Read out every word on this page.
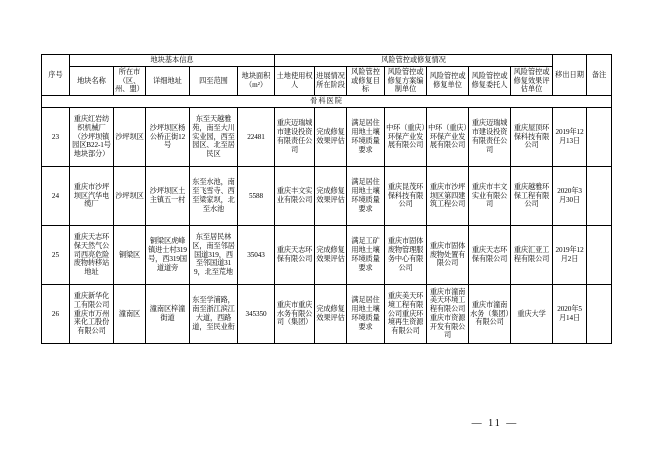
序号	地块基本信息					风险管控或修复情况							移出日期	备注
	地块名称	所在市（区、州、盟）	详细地址	四至范围	地块面积（m²）	土地使用权人	进展情况所在阶段	风险管控或修复目标	风险管控或修复方案编制单位	风险管控或修复单位	风险管控或修复委托人	风险管控或修复效果评估单位		
骨科医院														
23	重庆红岩纺织机械厂（沙坪坝镇园区B22-1号地块部分）	沙坪坝区	沙坪坝区杨公桥正街12号	东至天越雅苑，南至大川实业园，西至园区、北至居民区	22481	重庆迈瑞城市建设投资有限责任公司	完成修复效果评估	满足居住用地土壤环境质量要求	中环（重庆）环保产业发展有限公司	中环（重庆）环保产业发展有限公司	重庆迈瑞城市建设投资有限责任公司	重庆屋顶环保科技有限公司	2019年12月13日	
24	重庆市沙坪坝区汽华电缆厂	沙坪坝区	沙坪坝区土主镇五一村	东至水池，南至飞雪寺、西至梁家坝，北至水池	5588	重庆丰文实业有限公司	完成修复效果评估	满足居住用地土壤环境质量要求	重庆昆茂环保科技有限公司	重庆市沙坪坝区第四建筑工程公司	重庆市丰文实业有限公司	重庆越雅环保工程有限公司	2020年3月30日	
25	重庆天志环保天然气公司西亮危险废物转移站地址	铜梁区	铜梁区虎峰镇进士村319号，西319国道道旁	东至居民林区，南至邻居国道319，西至邻国道319，北至荒地	35043	重庆天志环保有限公司	完成修复效果评估	满足工矿用地土壤环境质量要求	重庆市固体废物管理服务中心有限公司	重庆市固体废物处置有限公司	重庆天志环保有限公司	重庆汇亚工程有限公司	2019年12月2日	
26	重庆新华化工有限公司重庆市万州来化工股份有限公司	潼南区	潼南区梓潼街道	东至学浦路，南至浙江滨江大道，西路道，至民业衔	345350	重庆市重庆水务有限公司（集团）	完成修复效果评估	满足居住用地土壤环境质量要求	重庆美天环境工程有限公司重庆环境再生资源有限公司	重庆市潼南美天环境工程有限公司重庆市资源开发有限公司	重庆市潼南水务（集团）有限公司	重庆大学	2020年5月14日	
— 11 —
